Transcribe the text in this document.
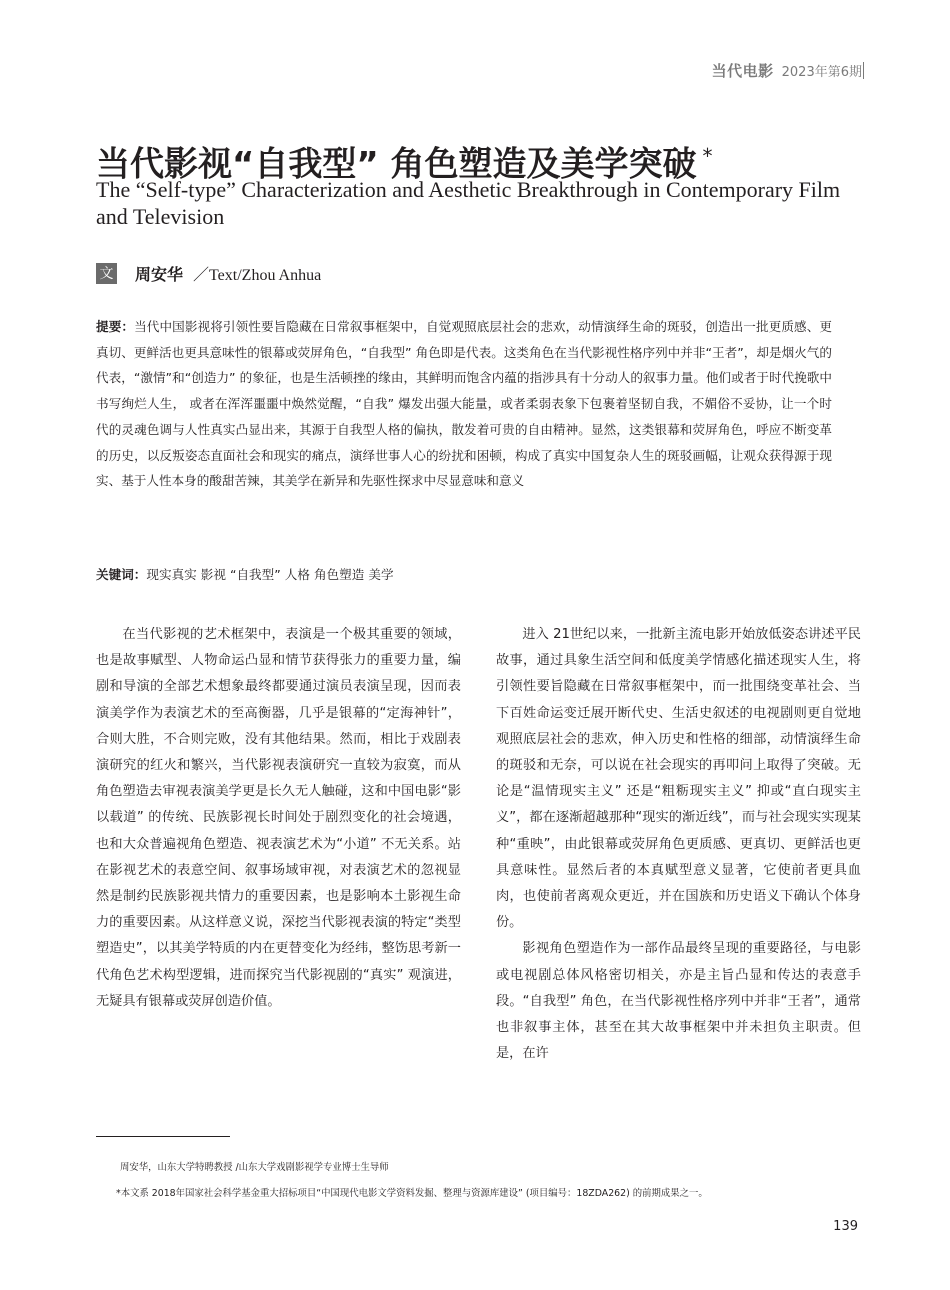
当代电影 2023年第6期
当代影视“自我型” 角色塑造及美学突破 *
The “Self-type” Characterization and Aesthetic Breakthrough in Contemporary Film and Television
文 周安华 ／Text/Zhou Anhua
提要：当代中国影视将引领性要旨隐藏在日常叙事框架中，自觉观照底层社会的悲欢，动情演绎生命的斑驳，创造出一批更质感、更真切、更鲜活也更具意味性的银幕或荧屏角色，“自我型” 角色即是代表。这类角色在当代影视性格序列中并非“王者”，却是烟火气的代表，“激情”和“创造力” 的象征，也是生活顿挫的缘由，其鲜明而饱含内蕴的指涉具有十分动人的叙事力量。他们或者于时代挽歌中书写绚烂人生， 或者在浑浑噩噩中焕然觉醒，“自我” 爆发出强大能量，或者柔弱表象下包裹着坚韧自我，不媚俗不妥协，让一个时代的灵魂色调与人性真实凸显出来，其源于自我型人格的偏执，散发着可贵的自由精神。显然，这类银幕和荧屏角色，呼应不断变革的历史，以反叛姿态直面社会和现实的痛点，演绎世事人心的纷扰和困顿，构成了真实中国复杂人生的斑驳画幅，让观众获得源于现实、基于人性本身的酸甜苦辣，其美学在新异和先驱性探求中尽显意味和意义
关键词：现实真实 影视 “自我型” 人格 角色塑造 美学

在当代影视的艺术框架中，表演是一个极其重要的领域，也是故事赋型、人物命运凸显和情节获得张力的重要力量，编剧和导演的全部艺术想象最终都要通过演员表演呈现，因而表演美学作为表演艺术的至高衡器，几乎是银幕的“定海神针”，合则大胜，不合则完败，没有其他结果。然而，相比于戏剧表演研究的红火和繁兴，当代影视表演研究一直较为寂寞，而从角色塑造去审视表演美学更是长久无人触碰，这和中国电影“影以载道” 的传统、民族影视长时间处于剧烈变化的社会境遇，也和大众普遍视角色塑造、视表演艺术为“小道” 不无关系。站在影视艺术的表意空间、叙事场域审视，对表演艺术的忽视显然是制约民族影视共情力的重要因素，也是影响本土影视生命力的重要因素。从这样意义说，深挖当代影视表演的特定“类型塑造史”，以其美学特质的内在更替变化为经纬，整饬思考新一代角色艺术构型逻辑，进而探究当代影视剧的“真实” 观演进，无疑具有银幕或荧屏创造价值。

进入 21世纪以来，一批新主流电影开始放低姿态讲述平民故事，通过具象生活空间和低度美学情感化描述现实人生，将引领性要旨隐藏在日常叙事框架中，而一批围绕变革社会、当下百姓命运变迁展开断代史、生活史叙述的电视剧则更自觉地观照底层社会的悲欢，伸入历史和性格的细部，动情演绎生命的斑驳和无奈，可以说在社会现实的再叩问上取得了突破。无论是“温情现实主义” 还是“粗粝现实主义” 抑或“直白现实主义”，都在逐渐超越那种“现实的渐近线”，而与社会现实实现某种“重映”，由此银幕或荧屏角色更质感、更真切、更鲜活也更具意味性。显然后者的本真赋型意义显著，它使前者更具血肉，也使前者离观众更近，并在国族和历史语义下确认个体身份。

影视角色塑造作为一部作品最终呈现的重要路径，与电影或电视剧总体风格密切相关，亦是主旨凸显和传达的表意手段。“自我型” 角色，在当代影视性格序列中并非“王者”，通常也非叙事主体，甚至在其大故事框架中并未担负主职责。但是，在许

周安华，山东大学特聘教授 /山东大学戏剧影视学专业博士生导师
*本文系 2018年国家社会科学基金重大招标项目“中国现代电影文学资料发掘、整理与资源库建设” (项目编号：18ZDA262) 的前期成果之一。
139
